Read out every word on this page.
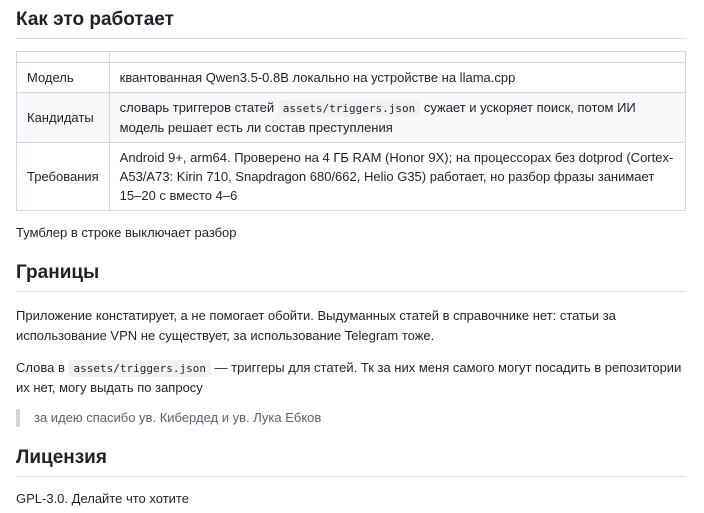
Как это работает

Модель	квантованная Qwen3.5-0.8B локально на устройстве на llama.cpp
Кандидаты	словарь триггеров статей assets/triggers.json сужает и ускоряет поиск, потом ИИ модель решает есть ли состав преступления
Требования	Android 9+, arm64. Проверено на 4 ГБ RAM (Honor 9X); на процессорах без dotprod (Cortex-A53/A73: Kirin 710, Snapdragon 680/662, Helio G35) работает, но разбор фразы занимает 15–20 с вместо 4–6

Тумблер в строке выключает разбор

Границы

Приложение констатирует, а не помогает обойти. Выдуманных статей в справочнике нет: статьи за использование VPN не существует, за использование Telegram тоже.

Слова в assets/triggers.json — триггеры для статей. Тк за них меня самого могут посадить в репозитории их нет, могу выдать по запросу

за идею спасибо ув. Кибердед и ув. Лука Ебков
Лицензия

GPL-3.0. Делайте что хотите
